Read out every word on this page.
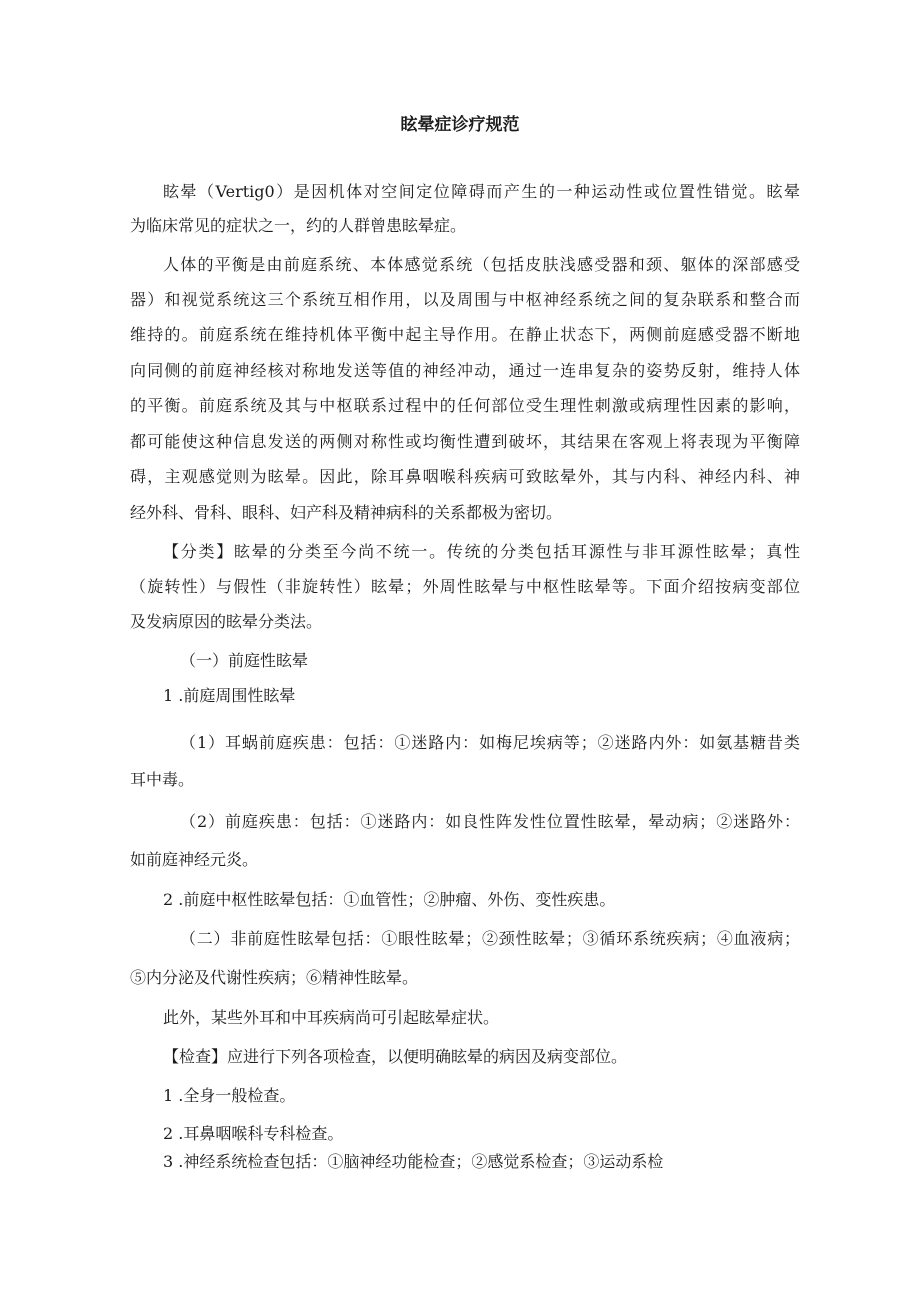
眩晕症诊疗规范
眩晕（Vertig0）是因机体对空间定位障碍而产生的一种运动性或位置性错觉。眩晕
为临床常见的症状之一，约的人群曾患眩晕症。
人体的平衡是由前庭系统、本体感觉系统（包括皮肤浅感受器和颈、躯体的深部感受
器）和视觉系统这三个系统互相作用，以及周围与中枢神经系统之间的复杂联系和整合而
维持的。前庭系统在维持机体平衡中起主导作用。在静止状态下，两侧前庭感受器不断地
向同侧的前庭神经核对称地发送等值的神经冲动，通过一连串复杂的姿势反射，维持人体
的平衡。前庭系统及其与中枢联系过程中的任何部位受生理性刺激或病理性因素的影响，
都可能使这种信息发送的两侧对称性或均衡性遭到破坏，其结果在客观上将表现为平衡障
碍，主观感觉则为眩晕。因此，除耳鼻咽喉科疾病可致眩晕外，其与内科、神经内科、神
经外科、骨科、眼科、妇产科及精神病科的关系都极为密切。
【分类】眩晕的分类至今尚不统一。传统的分类包括耳源性与非耳源性眩晕；真性
（旋转性）与假性（非旋转性）眩晕；外周性眩晕与中枢性眩晕等。下面介绍按病变部位
及发病原因的眩晕分类法。
（一）前庭性眩晕
1 .前庭周围性眩晕
（1）耳蜗前庭疾患：包括：①迷路内：如梅尼埃病等；②迷路内外：如氨基糖昔类
耳中毒。
（2）前庭疾患：包括：①迷路内：如良性阵发性位置性眩晕，晕动病；②迷路外：
如前庭神经元炎。
2 .前庭中枢性眩晕包括：①血管性；②肿瘤、外伤、变性疾患。
（二）非前庭性眩晕包括：①眼性眩晕；②颈性眩晕；③循环系统疾病；④血液病；
⑤内分泌及代谢性疾病；⑥精神性眩晕。
此外，某些外耳和中耳疾病尚可引起眩晕症状。
【检查】应进行下列各项检查，以便明确眩晕的病因及病变部位。
1 .全身一般检查。
2 .耳鼻咽喉科专科检查。
3 .神经系统检查包括：①脑神经功能检查；②感觉系检查；③运动系检
